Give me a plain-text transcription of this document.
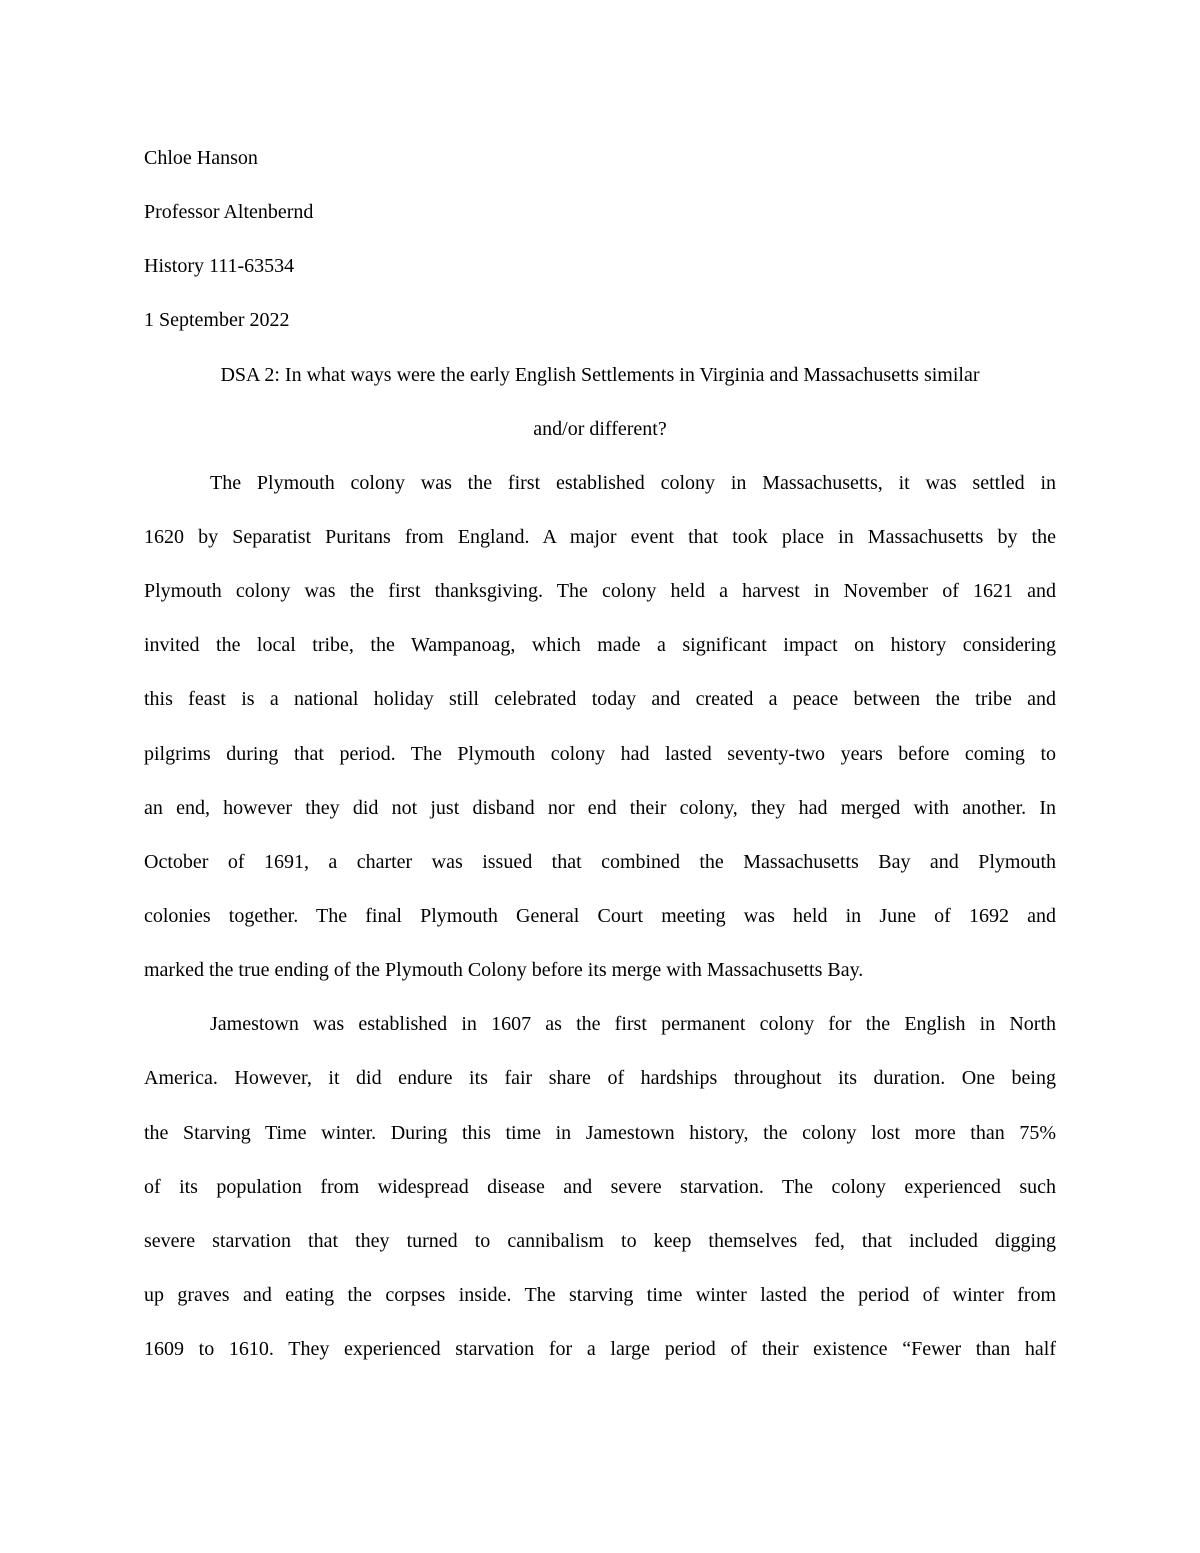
Chloe Hanson
Professor Altenbernd
History 111-63534
1 September 2022
DSA 2: In what ways were the early English Settlements in Virginia and Massachusetts similar
and/or different?
The Plymouth colony was the first established colony in Massachusetts, it was settled in
1620 by Separatist Puritans from England. A major event that took place in Massachusetts by the
Plymouth colony was the first thanksgiving. The colony held a harvest in November of 1621 and
invited the local tribe, the Wampanoag, which made a significant impact on history considering
this feast is a national holiday still celebrated today and created a peace between the tribe and
pilgrims during that period. The Plymouth colony had lasted seventy-two years before coming to
an end, however they did not just disband nor end their colony, they had merged with another. In
October of 1691, a charter was issued that combined the Massachusetts Bay and Plymouth
colonies together. The final Plymouth General Court meeting was held in June of 1692 and
marked the true ending of the Plymouth Colony before its merge with Massachusetts Bay.
Jamestown was established in 1607 as the first permanent colony for the English in North
America. However, it did endure its fair share of hardships throughout its duration. One being
the Starving Time winter. During this time in Jamestown history, the colony lost more than 75%
of its population from widespread disease and severe starvation. The colony experienced such
severe starvation that they turned to cannibalism to keep themselves fed, that included digging
up graves and eating the corpses inside. The starving time winter lasted the period of winter from
1609 to 1610. They experienced starvation for a large period of their existence “Fewer than half
